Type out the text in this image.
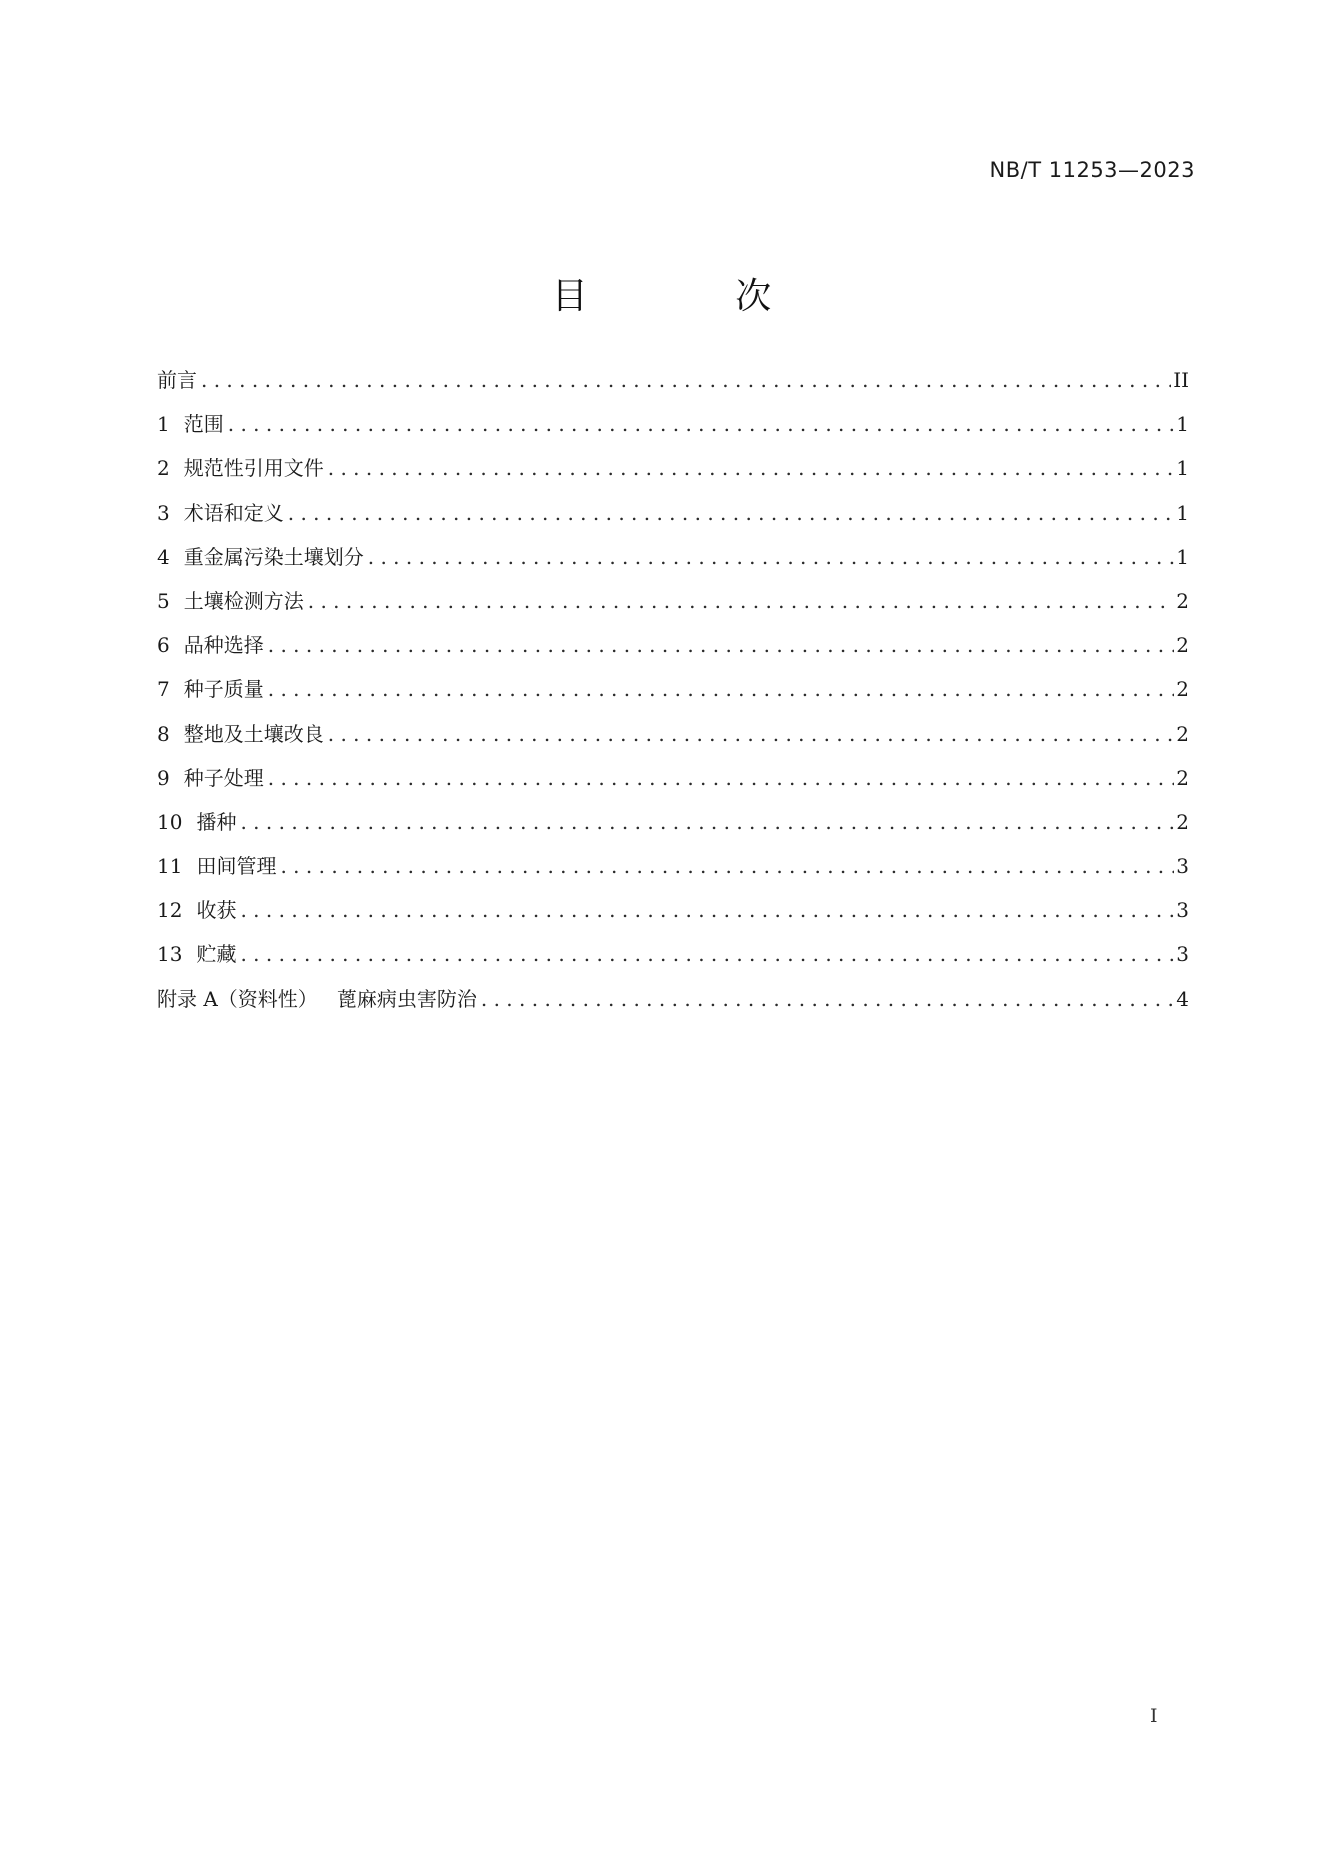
NB/T 11253—2023
目 次
前言 . . .	II
1 范围 . . .	1
2 规范性引用文件 . . .	1
3 术语和定义 . . .	1
4 重金属污染土壤划分 . . .	1
5 土壤检测方法 . . .	2
6 品种选择 . . .	2
7 种子质量 . . .	2
8 整地及土壤改良 . . .	2
9 种子处理 . . .	2
10 播种 . . .	2
11 田间管理 . . .	3
12 收获 . . .	3
13 贮藏 . . .	3
附录 A（资料性）   蓖麻病虫害防治 . . .	4
I
